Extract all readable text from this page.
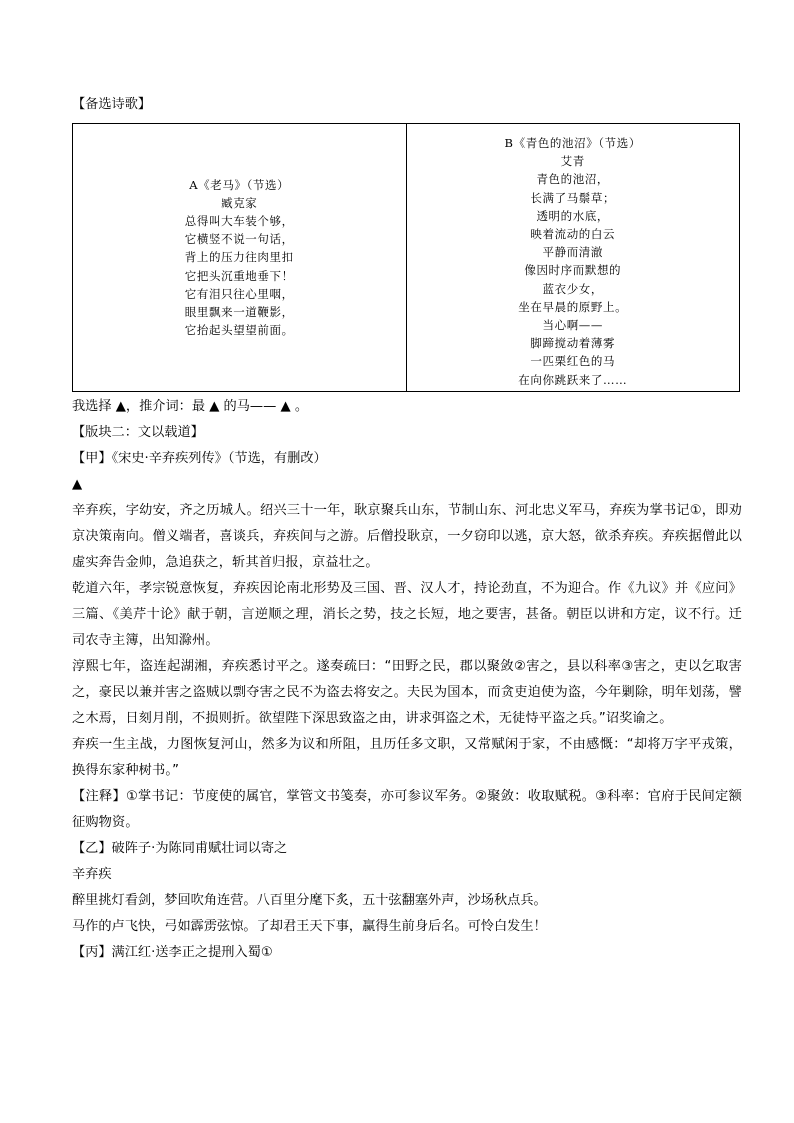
【备选诗歌】
A《老马》（节选）
臧克家
总得叫大车装个够，
它横竖不说一句话，
背上的压力往肉里扣
它把头沉重地垂下！
它有泪只往心里咽，
眼里飘来一道鞭影，
它抬起头望望前面。
B《青色的池沼》（节选）
艾青
青色的池沼，
长满了马鬃草；
透明的水底，
映着流动的白云
平静而清澈
像因时序而默想的
蓝衣少女，
坐在早晨的原野上。
当心啊——
脚蹄搅动着薄雾
一匹栗红色的马
在向你跳跃来了……
我选择 ▲，推介词：最 ▲ 的马—— ▲ 。
【版块二：文以载道】
【甲】《宋史·辛弃疾列传》（节选，有删改）
▲

辛弃疾，字幼安，齐之历城人。绍兴三十一年，耿京聚兵山东，节制山东、河北忠义军马，弃疾为掌书记①，即劝京决策南向。僧义端者，喜谈兵，弃疾间与之游。后僧投耿京，一夕窃印以逃，京大怒，欲杀弃疾。弃疾据僧此以虚实奔告金帅，急追获之，斩其首归报，京益壮之。

乾道六年，孝宗锐意恢复，弃疾因论南北形势及三国、晋、汉人才，持论劲直，不为迎合。作《九议》并《应问》三篇、《美芹十论》献于朝，言逆顺之理，消长之势，技之长短，地之要害，甚备。朝臣以讲和方定，议不行。迁司农寺主簿，出知滁州。

淳熙七年，盗连起湖湘，弃疾悉讨平之。遂奏疏曰：“田野之民，郡以聚敛②害之，县以科率③害之，吏以乞取害之，豪民以兼并害之盗贼以剽夺害之民不为盗去将安之。夫民为国本，而贪吏迫使为盗，今年剿除，明年划荡，譬之木焉，日刻月削，不损则折。欲望陛下深思致盗之由，讲求弭盗之术，无徒恃平盗之兵。”诏奖谕之。

弃疾一生主战，力图恢复河山，然多为议和所阻，且历任多文职，又常赋闲于家，不由感慨：“却将万字平戎策，换得东家种树书。”

【注释】①掌书记：节度使的属官，掌管文书笺奏，亦可参议军务。②聚敛：收取赋税。③科率：官府于民间定额征购物资。

【乙】破阵子·为陈同甫赋壮词以寄之
辛弃疾
醉里挑灯看剑，梦回吹角连营。八百里分麾下炙，五十弦翻塞外声，沙场秋点兵。
马作的卢飞快，弓如霹雳弦惊。了却君王天下事，赢得生前身后名。可怜白发生！
【丙】满江红·送李正之提刑入蜀①
